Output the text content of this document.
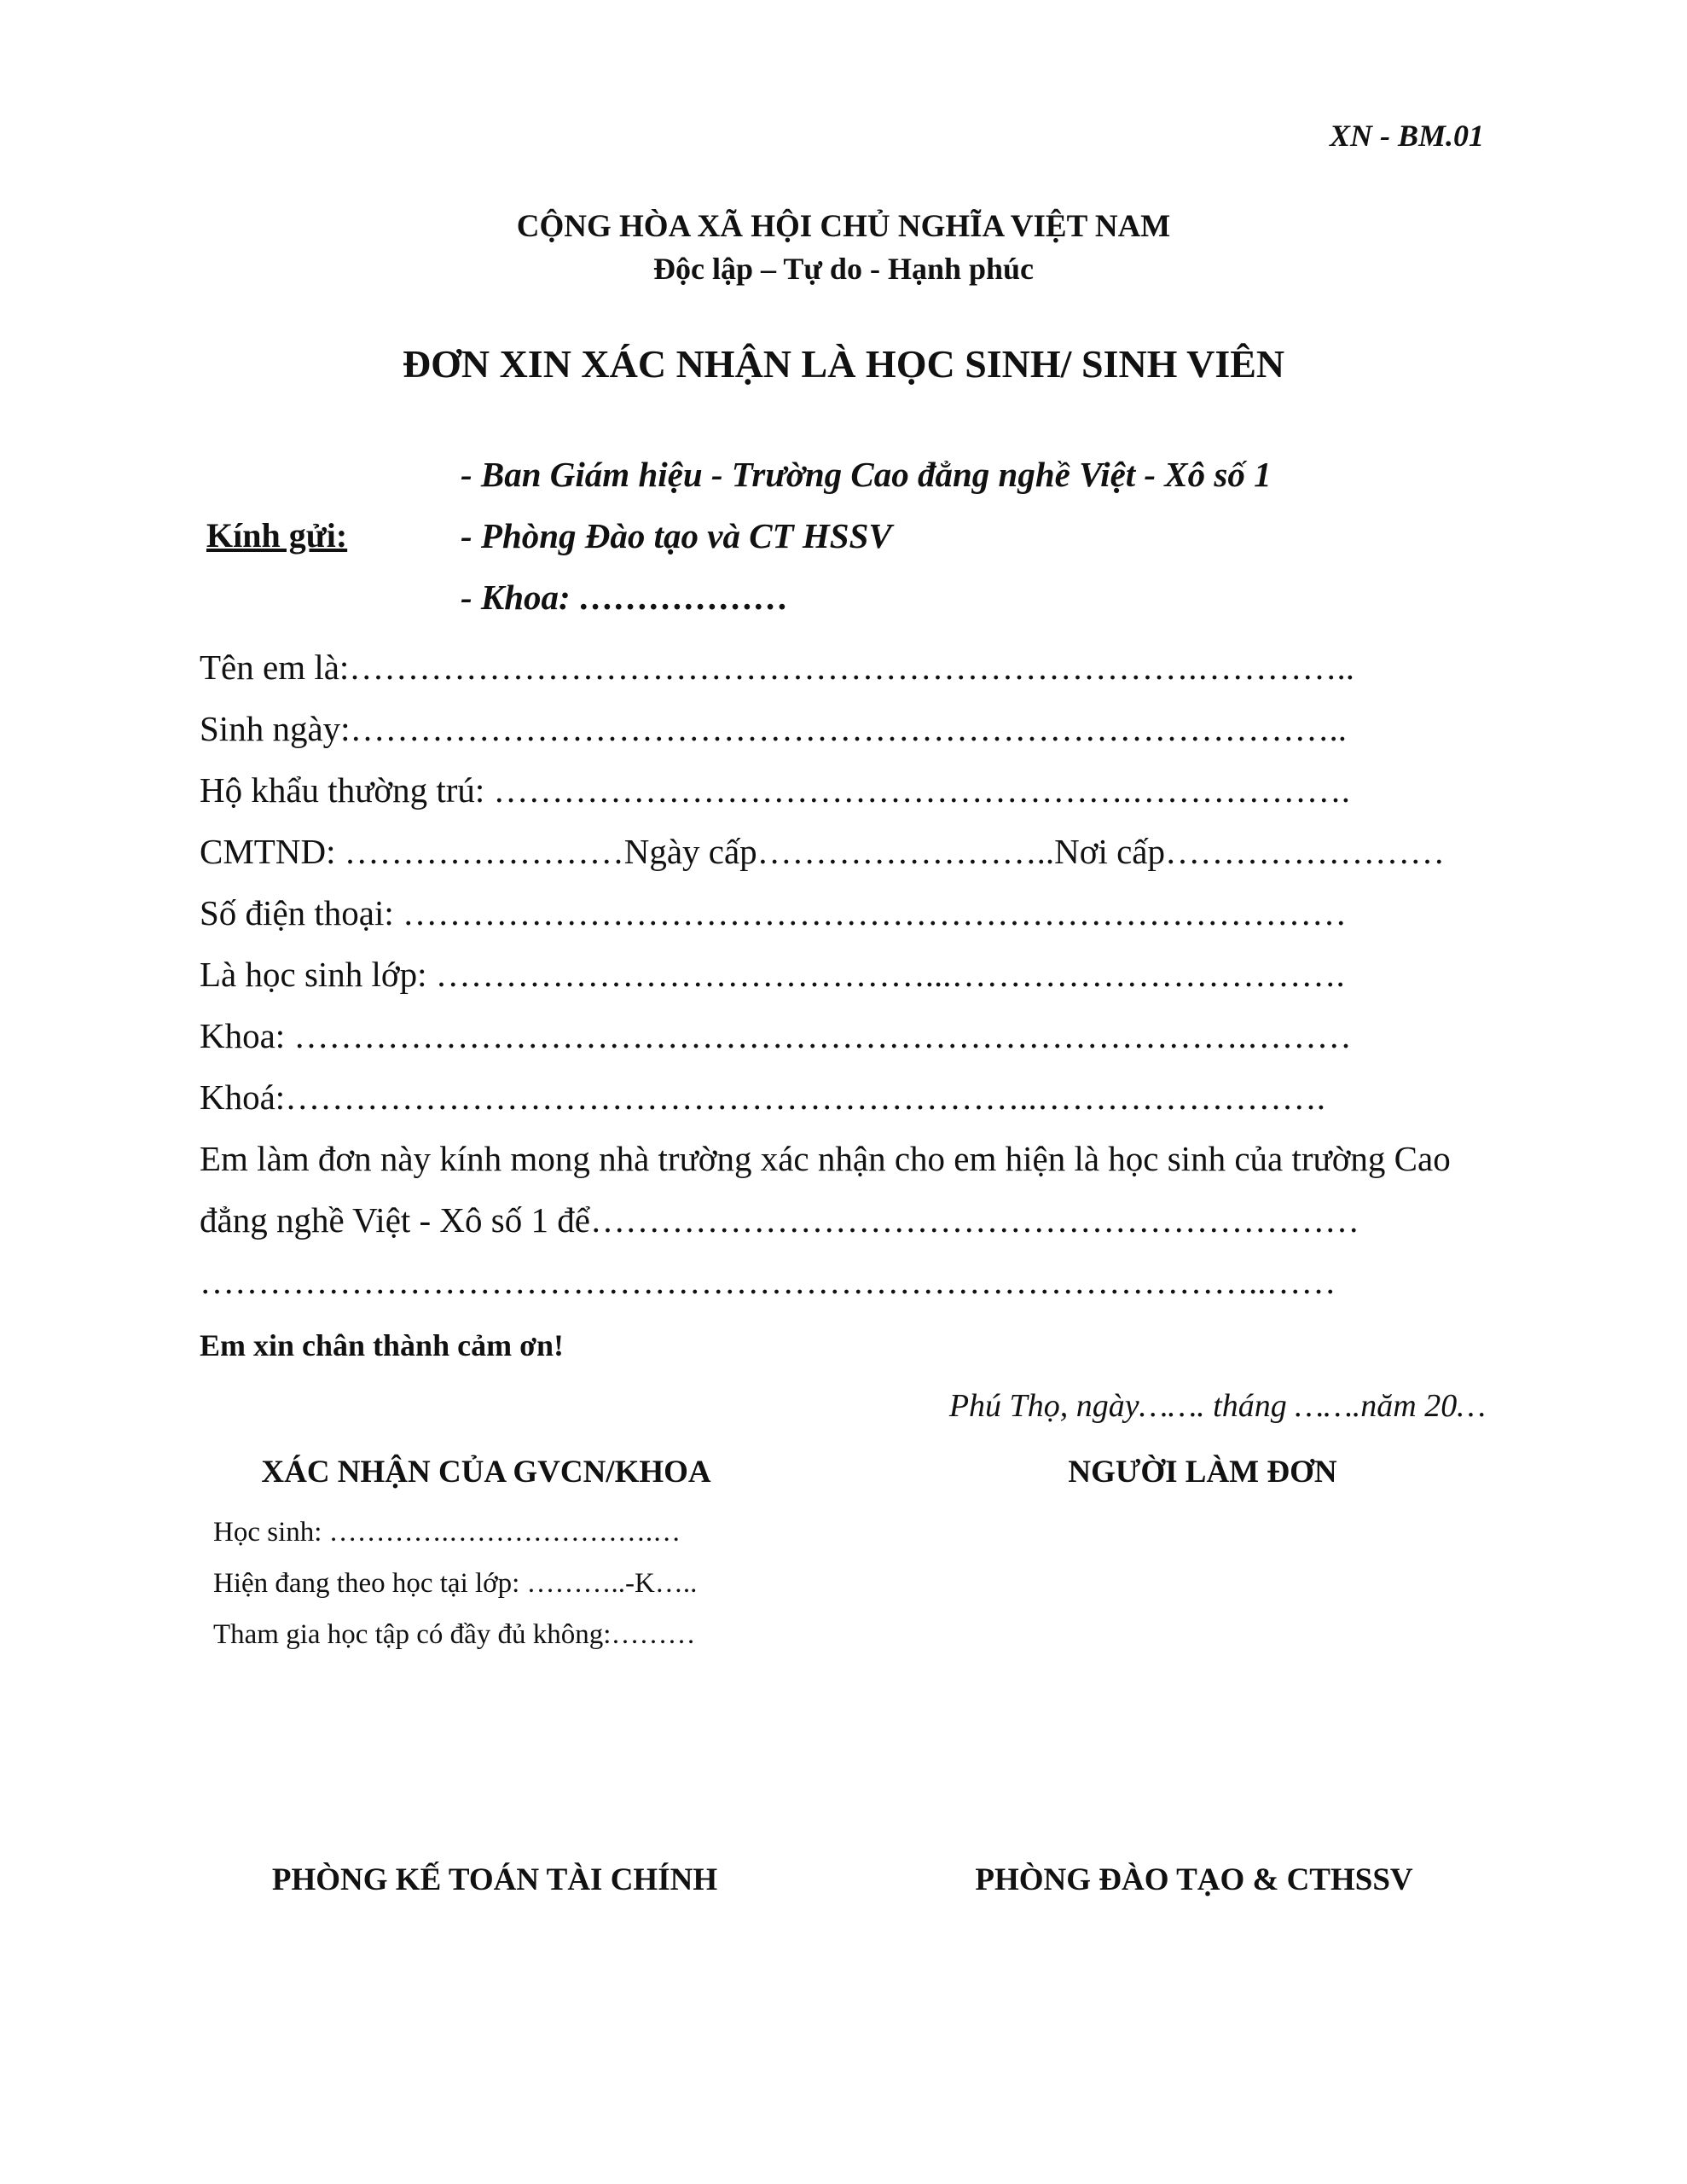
XN - BM.01
CỘNG HÒA XÃ HỘI CHỦ NGHĨA VIỆT NAM
Độc lập – Tự do - Hạnh phúc
ĐƠN XIN XÁC NHẬN LÀ HỌC SINH/ SINH VIÊN
- Ban Giám hiệu - Trường Cao đẳng nghề Việt - Xô số 1
Kính gửi:	- Phòng Đào tạo và CT HSSV
- Khoa: ………………
Tên em là:……………………………………………………………….…………..
Sinh ngày:…………………………………………………………………………..
Hộ khẩu thường trú: ……………………………………………….……………….
CMTND: ……………………Ngày cấp……………………..Nơi cấp……………………
Số điện thoại: ………………………………………………………………………
Là học sinh lớp: ……………………………………...…………………………….
Khoa: ……………………………………………………………………….………
Khoá:………………………………………………………..…………………….
Em làm đơn này kính mong nhà trường xác nhận cho em hiện là học sinh của trường Cao
đẳng nghề Việt - Xô số 1 để…………………………………………………………
………………………………………………………………………………..……
Em xin chân thành cảm ơn!
Phú Thọ, ngày……. tháng …….năm 20…
XÁC NHẬN CỦA GVCN/KHOA	NGƯỜI LÀM ĐƠN
Học sinh: ………….………………….…
Hiện đang theo học tại lớp: ………..-K…..
Tham gia học tập có đầy đủ không:………
PHÒNG KẾ TOÁN TÀI CHÍNH	PHÒNG ĐÀO TẠO & CTHSSV
